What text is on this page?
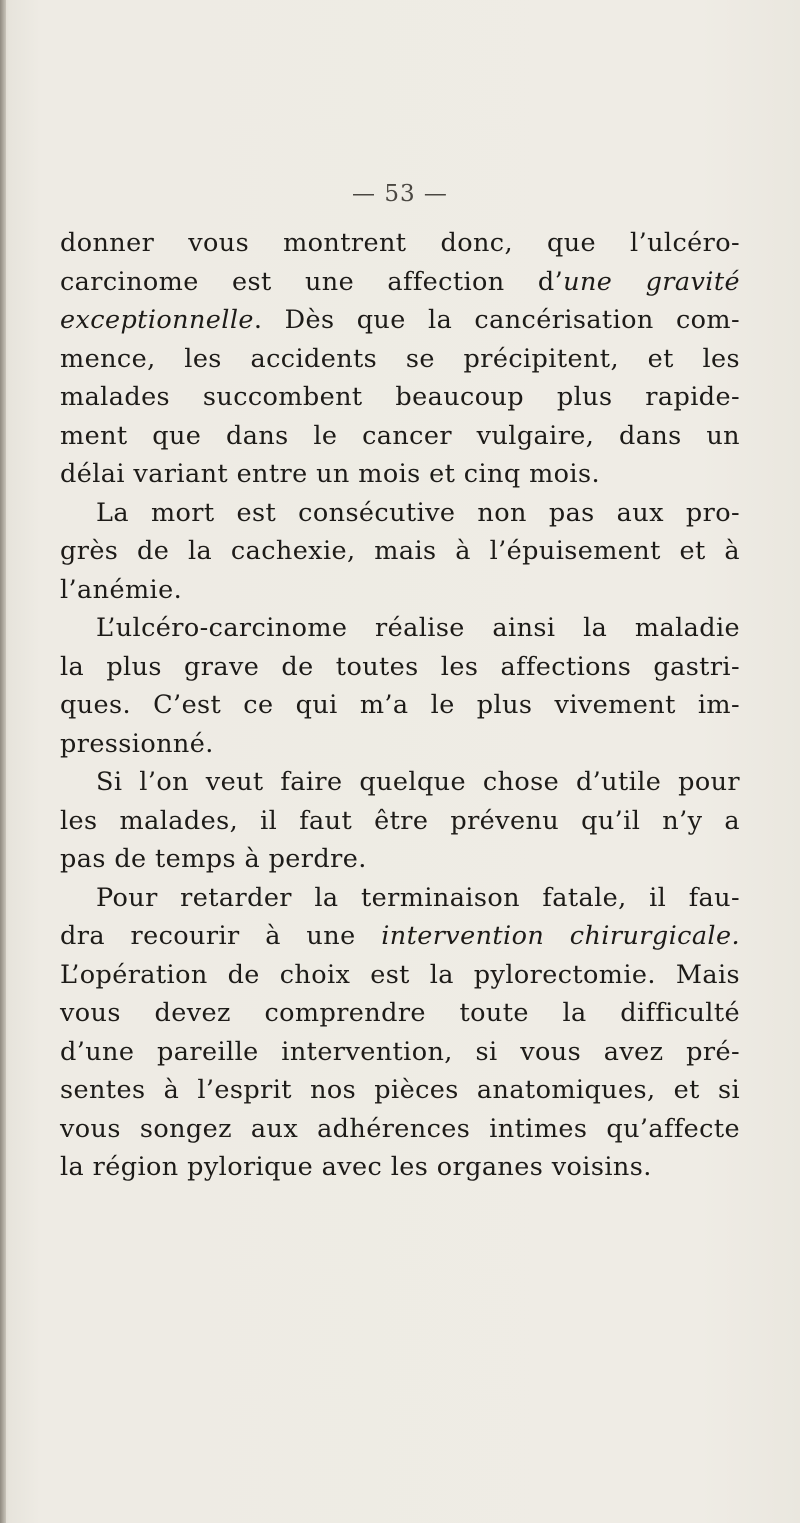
— 53 —
donner vous montrent donc, que l’ulcéro-
carcinome est une affection d’une gravité
exceptionnelle. Dès que la cancérisation com-
mence, les accidents se précipitent, et les
malades succombent beaucoup plus rapide-
ment que dans le cancer vulgaire, dans un
délai variant entre un mois et cinq mois.
La mort est consécutive non pas aux pro-
grès de la cachexie, mais à l’épuisement et à
l’anémie.
L’ulcéro-carcinome réalise ainsi la maladie
la plus grave de toutes les affections gastri-
ques. C’est ce qui m’a le plus vivement im-
pressionné.
Si l’on veut faire quelque chose d’utile pour
les malades, il faut être prévenu qu’il n’y a
pas de temps à perdre.
Pour retarder la terminaison fatale, il fau-
dra recourir à une intervention chirurgicale.
L’opération de choix est la pylorectomie. Mais
vous devez comprendre toute la difficulté
d’une pareille intervention, si vous avez pré-
sentes à l’esprit nos pièces anatomiques, et si
vous songez aux adhérences intimes qu’affecte
la région pylorique avec les organes voisins.
